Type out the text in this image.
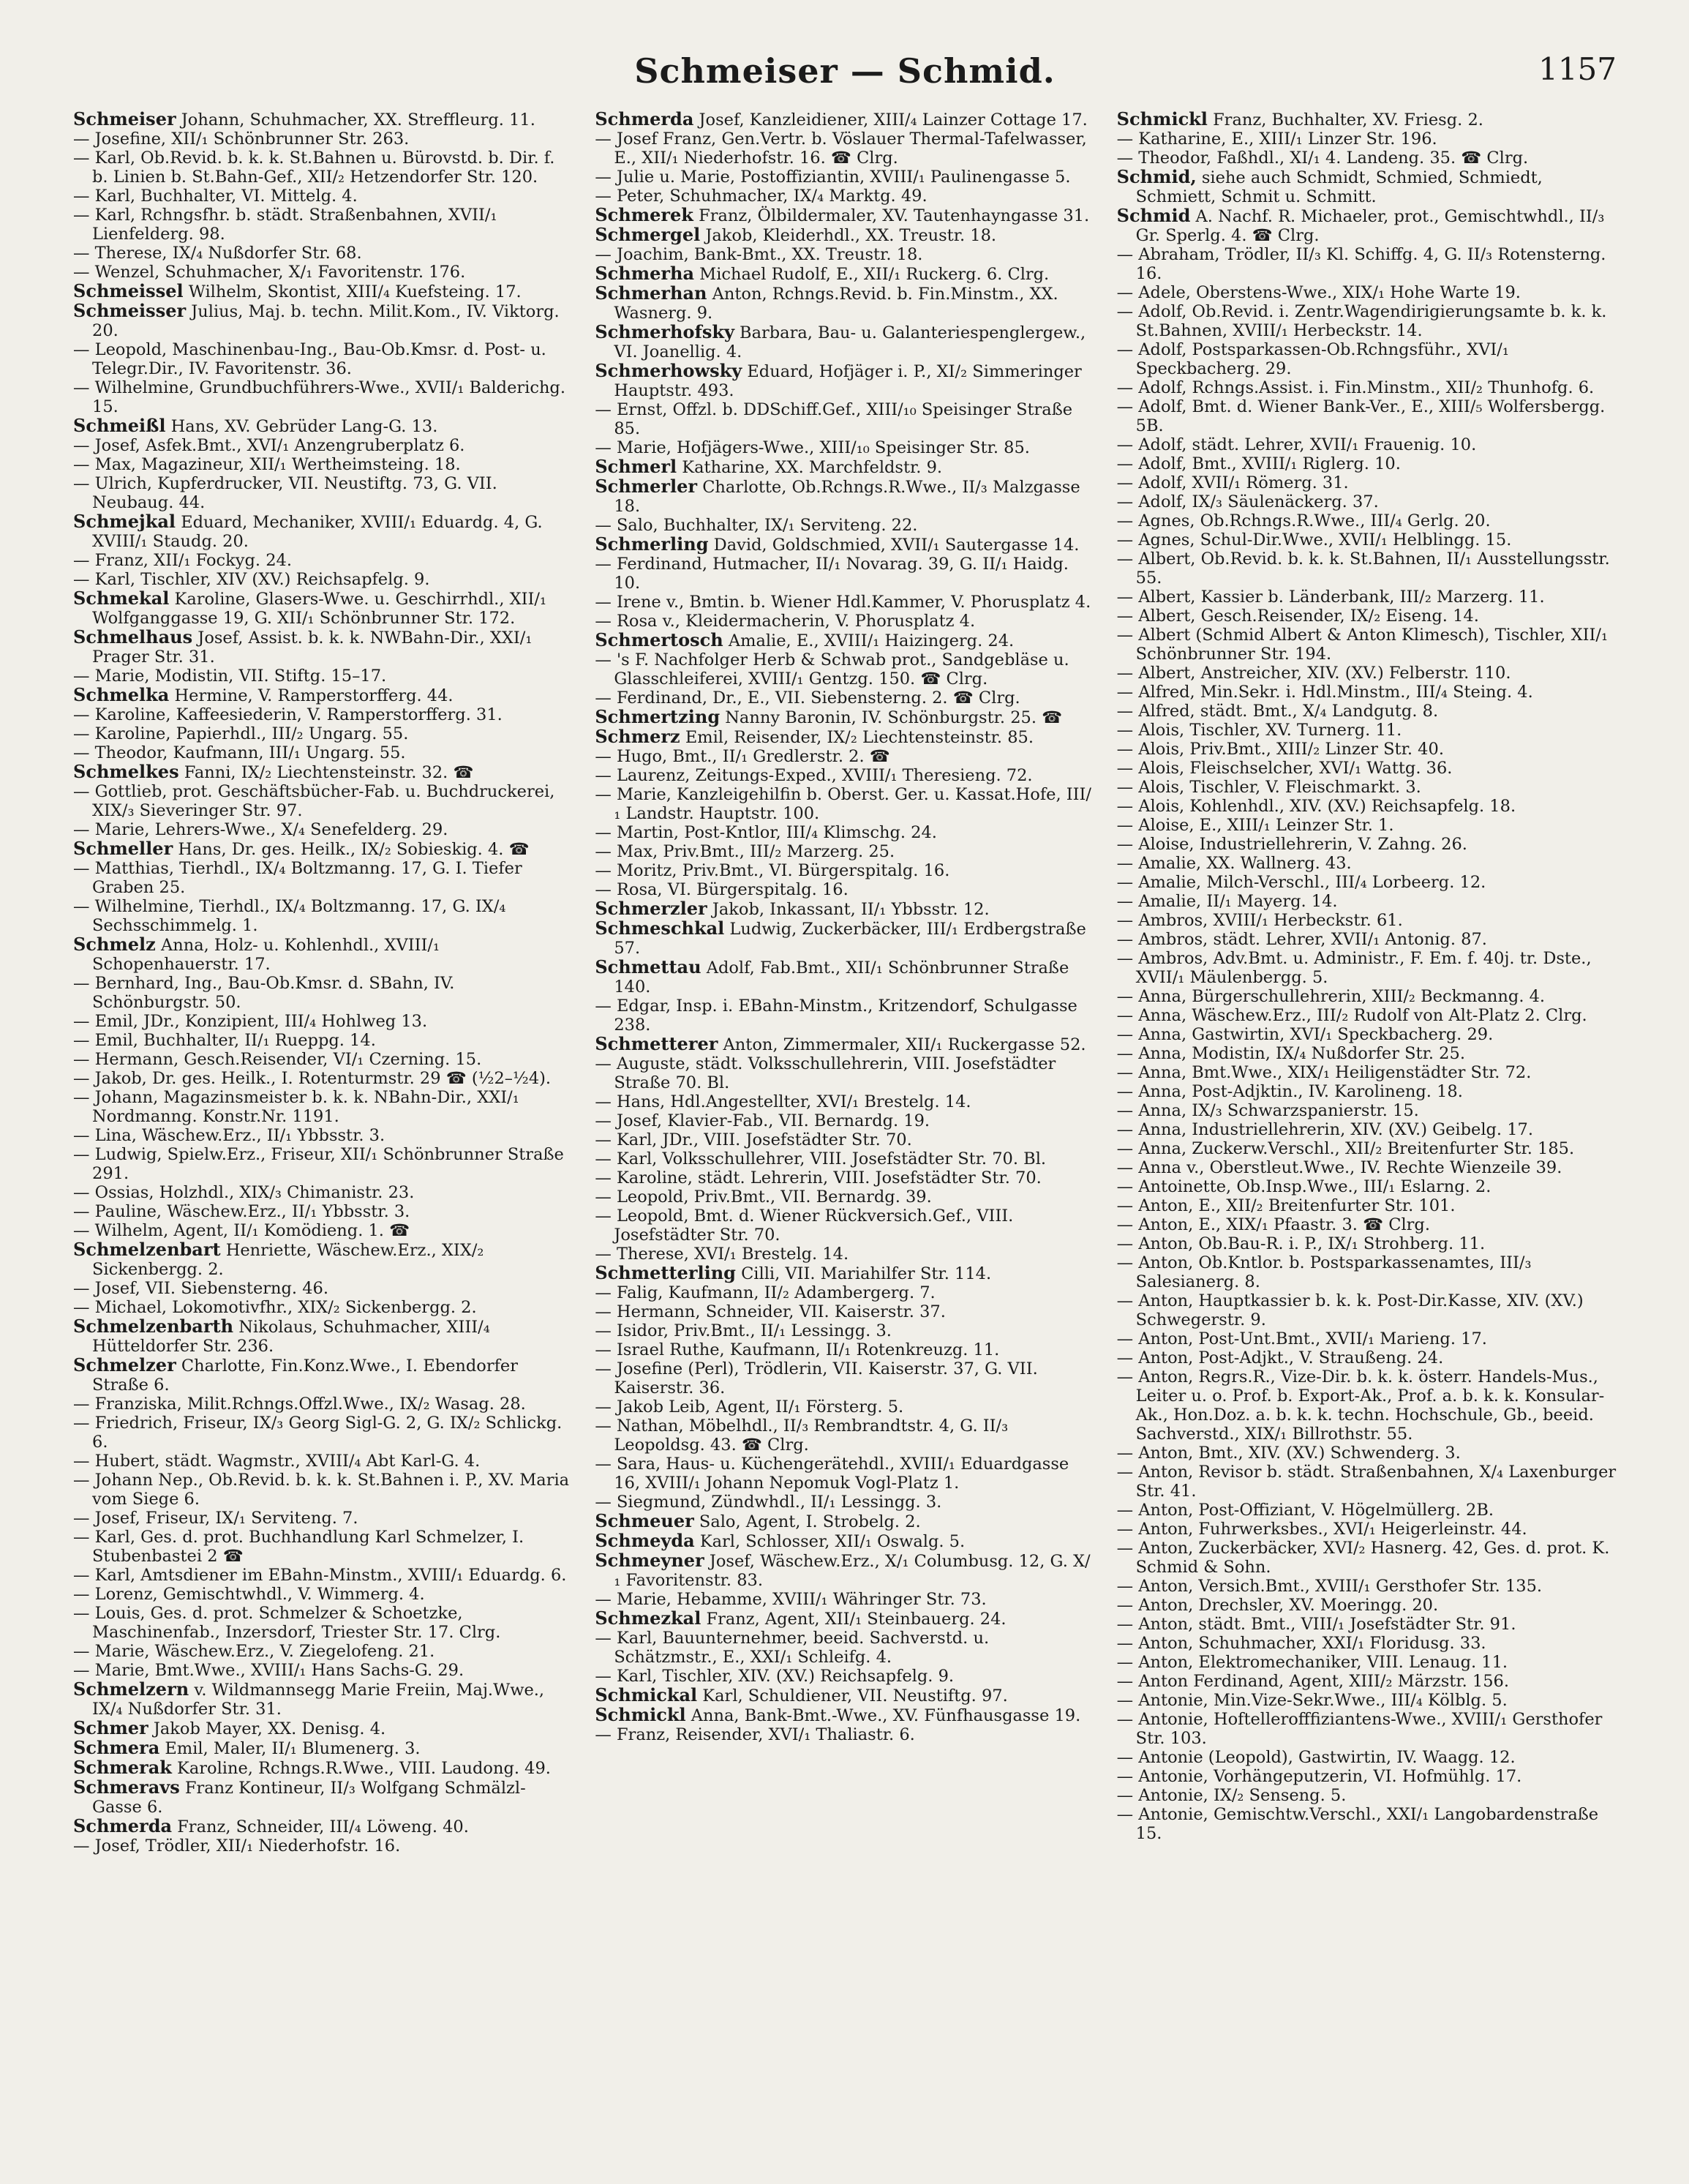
Schmeiser — Schmid.	1157

Schmeiser Johann, Schuhmacher, XX. Streffleurg. 11.

— Josefine, XII/₁ Schönbrunner Str. 263.

— Karl, Ob.Revid. b. k. k. St.Bahnen u. Bürovstd. b. Dir. f. b. Linien b. St.Bahn-Gef., XII/₂ Hetzendorfer Str. 120.

— Karl, Buchhalter, VI. Mittelg. 4.

— Karl, Rchngsfhr. b. städt. Straßenbahnen, XVII/₁ Lienfelderg. 98.

— Therese, IX/₄ Nußdorfer Str. 68.

— Wenzel, Schuhmacher, X/₁ Favoritenstr. 176.

Schmeissel Wilhelm, Skontist, XIII/₄ Kuefsteing. 17.

Schmeisser Julius, Maj. b. techn. Milit.Kom., IV. Viktorg. 20.

— Leopold, Maschinenbau-Ing., Bau-Ob.Kmsr. d. Post- u. Telegr.Dir., IV. Favoritenstr. 36.

— Wilhelmine, Grundbuchführers-Wwe., XVII/₁ Balderichg. 15.

Schmeißl Hans, XV. Gebrüder Lang-G. 13.

— Josef, Asfek.Bmt., XVI/₁ Anzengruberplatz 6.

— Max, Magazineur, XII/₁ Wertheimsteing. 18.

— Ulrich, Kupferdrucker, VII. Neustiftg. 73, G. VII. Neubaug. 44.

Schmejkal Eduard, Mechaniker, XVIII/₁ Eduardg. 4, G. XVIII/₁ Staudg. 20.

— Franz, XII/₁ Fockyg. 24.

— Karl, Tischler, XIV (XV.) Reichsapfelg. 9.

Schmekal Karoline, Glasers-Wwe. u. Geschirrhdl., XII/₁ Wolfganggasse 19, G. XII/₁ Schönbrunner Str. 172.

Schmelhaus Josef, Assist. b. k. k. NWBahn-Dir., XXI/₁ Prager Str. 31.

— Marie, Modistin, VII. Stiftg. 15–17.

Schmelka Hermine, V. Ramperstorfferg. 44.

— Karoline, Kaffeesiederin, V. Ramperstorfferg. 31.

— Karoline, Papierhdl., III/₂ Ungarg. 55.

— Theodor, Kaufmann, III/₁ Ungarg. 55.

Schmelkes Fanni, IX/₂ Liechtensteinstr. 32. ☎

— Gottlieb, prot. Geschäftsbücher-Fab. u. Buchdruckerei, XIX/₃ Sieveringer Str. 97.

— Marie, Lehrers-Wwe., X/₄ Senefelderg. 29.

Schmeller Hans, Dr. ges. Heilk., IX/₂ Sobieskig. 4. ☎

— Matthias, Tierhdl., IX/₄ Boltzmanng. 17, G. I. Tiefer Graben 25.

— Wilhelmine, Tierhdl., IX/₄ Boltzmanng. 17, G. IX/₄ Sechsschimmelg. 1.

Schmelz Anna, Holz- u. Kohlenhdl., XVIII/₁ Schopenhauerstr. 17.

— Bernhard, Ing., Bau-Ob.Kmsr. d. SBahn, IV. Schönburgstr. 50.

— Emil, JDr., Konzipient, III/₄ Hohlweg 13.

— Emil, Buchhalter, II/₁ Rueppg. 14.

— Hermann, Gesch.Reisender, VI/₁ Czerning. 15.

— Jakob, Dr. ges. Heilk., I. Rotenturmstr. 29 ☎ (½2–½4).

— Johann, Magazinsmeister b. k. k. NBahn-Dir., XXI/₁ Nordmanng. Konstr.Nr. 1191.

— Lina, Wäschew.Erz., II/₁ Ybbsstr. 3.

— Ludwig, Spielw.Erz., Friseur, XII/₁ Schönbrunner Straße 291.

— Ossias, Holzhdl., XIX/₃ Chimanistr. 23.

— Pauline, Wäschew.Erz., II/₁ Ybbsstr. 3.

— Wilhelm, Agent, II/₁ Komödieng. 1. ☎

Schmelzenbart Henriette, Wäschew.Erz., XIX/₂ Sickenbergg. 2.

— Josef, VII. Siebensterng. 46.

— Michael, Lokomotivfhr., XIX/₂ Sickenbergg. 2.

Schmelzenbarth Nikolaus, Schuhmacher, XIII/₄ Hütteldorfer Str. 236.

Schmelzer Charlotte, Fin.Konz.Wwe., I. Ebendorfer Straße 6.

— Franziska, Milit.Rchngs.Offzl.Wwe., IX/₂ Wasag. 28.

— Friedrich, Friseur, IX/₃ Georg Sigl-G. 2, G. IX/₂ Schlickg. 6.

— Hubert, städt. Wagmstr., XVIII/₄ Abt Karl-G. 4.

— Johann Nep., Ob.Revid. b. k. k. St.Bahnen i. P., XV. Maria vom Siege 6.

— Josef, Friseur, IX/₁ Serviteng. 7.

— Karl, Ges. d. prot. Buchhandlung Karl Schmelzer, I. Stubenbastei 2 ☎

— Karl, Amtsdiener im EBahn-Minstm., XVIII/₁ Eduardg. 6.

— Lorenz, Gemischtwhdl., V. Wimmerg. 4.

— Louis, Ges. d. prot. Schmelzer & Schoetzke, Maschinenfab., Inzersdorf, Triester Str. 17. Clrg.

— Marie, Wäschew.Erz., V. Ziegelofeng. 21.

— Marie, Bmt.Wwe., XVIII/₁ Hans Sachs-G. 29.

Schmelzern v. Wildmannsegg Marie Freiin, Maj.Wwe., IX/₄ Nußdorfer Str. 31.

Schmer Jakob Mayer, XX. Denisg. 4.

Schmera Emil, Maler, II/₁ Blumenerg. 3.

Schmerak Karoline, Rchngs.R.Wwe., VIII. Laudong. 49.

Schmeravs Franz Kontineur, II/₃ Wolfgang Schmälzl-Gasse 6.

Schmerda Franz, Schneider, III/₄ Löweng. 40.

— Josef, Trödler, XII/₁ Niederhofstr. 16.

Schmerda Josef, Kanzleidiener, XIII/₄ Lainzer Cottage 17.

— Josef Franz, Gen.Vertr. b. Vöslauer Thermal-Tafelwasser, E., XII/₁ Niederhofstr. 16. ☎ Clrg.

— Julie u. Marie, Postoffiziantin, XVIII/₁ Paulinengasse 5.

— Peter, Schuhmacher, IX/₄ Marktg. 49.

Schmerek Franz, Ölbildermaler, XV. Tautenhayngasse 31.

Schmergel Jakob, Kleiderhdl., XX. Treustr. 18.

— Joachim, Bank-Bmt., XX. Treustr. 18.

Schmerha Michael Rudolf, E., XII/₁ Ruckerg. 6. Clrg.

Schmerhan Anton, Rchngs.Revid. b. Fin.Minstm., XX. Wasnerg. 9.

Schmerhofsky Barbara, Bau- u. Galanteriespenglergew., VI. Joanellig. 4.

Schmerhowsky Eduard, Hofjäger i. P., XI/₂ Simmeringer Hauptstr. 493.

— Ernst, Offzl. b. DDSchiff.Gef., XIII/₁₀ Speisinger Straße 85.

— Marie, Hofjägers-Wwe., XIII/₁₀ Speisinger Str. 85.

Schmerl Katharine, XX. Marchfeldstr. 9.

Schmerler Charlotte, Ob.Rchngs.R.Wwe., II/₃ Malzgasse 18.

— Salo, Buchhalter, IX/₁ Serviteng. 22.

Schmerling David, Goldschmied, XVII/₁ Sautergasse 14.

— Ferdinand, Hutmacher, II/₁ Novarag. 39, G. II/₁ Haidg. 10.

— Irene v., Bmtin. b. Wiener Hdl.Kammer, V. Phorusplatz 4.

— Rosa v., Kleidermacherin, V. Phorusplatz 4.

Schmertosch Amalie, E., XVIII/₁ Haizingerg. 24.

— 's F. Nachfolger Herb & Schwab prot., Sandgebläse u. Glasschleiferei, XVIII/₁ Gentzg. 150. ☎ Clrg.

— Ferdinand, Dr., E., VII. Siebensterng. 2. ☎ Clrg.

Schmertzing Nanny Baronin, IV. Schönburgstr. 25. ☎

Schmerz Emil, Reisender, IX/₂ Liechtensteinstr. 85.

— Hugo, Bmt., II/₁ Gredlerstr. 2. ☎

— Laurenz, Zeitungs-Exped., XVIII/₁ Theresieng. 72.

— Marie, Kanzleigehilfin b. Oberst. Ger. u. Kassat.Hofe, III/₁ Landstr. Hauptstr. 100.

— Martin, Post-Kntlor, III/₄ Klimschg. 24.

— Max, Priv.Bmt., III/₂ Marzerg. 25.

— Moritz, Priv.Bmt., VI. Bürgerspitalg. 16.

— Rosa, VI. Bürgerspitalg. 16.

Schmerzler Jakob, Inkassant, II/₁ Ybbsstr. 12.

Schmeschkal Ludwig, Zuckerbäcker, III/₁ Erdbergstraße 57.

Schmettau Adolf, Fab.Bmt., XII/₁ Schönbrunner Straße 140.

— Edgar, Insp. i. EBahn-Minstm., Kritzendorf, Schulgasse 238.

Schmetterer Anton, Zimmermaler, XII/₁ Ruckergasse 52.

— Auguste, städt. Volksschullehrerin, VIII. Josefstädter Straße 70. Bl.

— Hans, Hdl.Angestellter, XVI/₁ Brestelg. 14.

— Josef, Klavier-Fab., VII. Bernardg. 19.

— Karl, JDr., VIII. Josefstädter Str. 70.

— Karl, Volksschullehrer, VIII. Josefstädter Str. 70. Bl.

— Karoline, städt. Lehrerin, VIII. Josefstädter Str. 70.

— Leopold, Priv.Bmt., VII. Bernardg. 39.

— Leopold, Bmt. d. Wiener Rückversich.Gef., VIII. Josefstädter Str. 70.

— Therese, XVI/₁ Brestelg. 14.

Schmetterling Cilli, VII. Mariahilfer Str. 114.

— Falig, Kaufmann, II/₂ Adambergerg. 7.

— Hermann, Schneider, VII. Kaiserstr. 37.

— Isidor, Priv.Bmt., II/₁ Lessingg. 3.

— Israel Ruthe, Kaufmann, II/₁ Rotenkreuzg. 11.

— Josefine (Perl), Trödlerin, VII. Kaiserstr. 37, G. VII. Kaiserstr. 36.

— Jakob Leib, Agent, II/₁ Försterg. 5.

— Nathan, Möbelhdl., II/₃ Rembrandtstr. 4, G. II/₃ Leopoldsg. 43. ☎ Clrg.

— Sara, Haus- u. Küchengerätehdl., XVIII/₁ Eduardgasse 16, XVIII/₁ Johann Nepomuk Vogl-Platz 1.

— Siegmund, Zündwhdl., II/₁ Lessingg. 3.

Schmeuer Salo, Agent, I. Strobelg. 2.

Schmeyda Karl, Schlosser, XII/₁ Oswalg. 5.

Schmeyner Josef, Wäschew.Erz., X/₁ Columbusg. 12, G. X/₁ Favoritenstr. 83.

— Marie, Hebamme, XVIII/₁ Währinger Str. 73.

Schmezkal Franz, Agent, XII/₁ Steinbauerg. 24.

— Karl, Bauunternehmer, beeid. Sachverstd. u. Schätzmstr., E., XXI/₁ Schleifg. 4.

— Karl, Tischler, XIV. (XV.) Reichsapfelg. 9.

Schmickal Karl, Schuldiener, VII. Neustiftg. 97.

Schmickl Anna, Bank-Bmt.-Wwe., XV. Fünfhausgasse 19.

— Franz, Reisender, XVI/₁ Thaliastr. 6.

Schmickl Franz, Buchhalter, XV. Friesg. 2.

— Katharine, E., XIII/₁ Linzer Str. 196.

— Theodor, Faßhdl., XI/₁ 4. Landeng. 35. ☎ Clrg.

Schmid, siehe auch Schmidt, Schmied, Schmiedt, Schmiett, Schmit u. Schmitt.

Schmid A. Nachf. R. Michaeler, prot., Gemischtwhdl., II/₃ Gr. Sperlg. 4. ☎ Clrg.

— Abraham, Trödler, II/₃ Kl. Schiffg. 4, G. II/₃ Rotensterng. 16.

— Adele, Oberstens-Wwe., XIX/₁ Hohe Warte 19.

— Adolf, Ob.Revid. i. Zentr.Wagendirigierungsamte b. k. k. St.Bahnen, XVIII/₁ Herbeckstr. 14.

— Adolf, Postsparkassen-Ob.Rchngsführ., XVI/₁ Speckbacherg. 29.

— Adolf, Rchngs.Assist. i. Fin.Minstm., XII/₂ Thunhofg. 6.

— Adolf, Bmt. d. Wiener Bank-Ver., E., XIII/₅ Wolfersbergg. 5B.

— Adolf, städt. Lehrer, XVII/₁ Frauenig. 10.

— Adolf, Bmt., XVIII/₁ Riglerg. 10.

— Adolf, XVII/₁ Römerg. 31.

— Adolf, IX/₃ Säulenäckerg. 37.

— Agnes, Ob.Rchngs.R.Wwe., III/₄ Gerlg. 20.

— Agnes, Schul-Dir.Wwe., XVII/₁ Helblingg. 15.

— Albert, Ob.Revid. b. k. k. St.Bahnen, II/₁ Ausstellungsstr. 55.

— Albert, Kassier b. Länderbank, III/₂ Marzerg. 11.

— Albert, Gesch.Reisender, IX/₂ Eiseng. 14.

— Albert (Schmid Albert & Anton Klimesch), Tischler, XII/₁ Schönbrunner Str. 194.

— Albert, Anstreicher, XIV. (XV.) Felberstr. 110.

— Alfred, Min.Sekr. i. Hdl.Minstm., III/₄ Steing. 4.

— Alfred, städt. Bmt., X/₄ Landgutg. 8.

— Alois, Tischler, XV. Turnerg. 11.

— Alois, Priv.Bmt., XIII/₂ Linzer Str. 40.

— Alois, Fleischselcher, XVI/₁ Wattg. 36.

— Alois, Tischler, V. Fleischmarkt. 3.

— Alois, Kohlenhdl., XIV. (XV.) Reichsapfelg. 18.

— Aloise, E., XIII/₁ Leinzer Str. 1.

— Aloise, Industriellehrerin, V. Zahng. 26.

— Amalie, XX. Wallnerg. 43.

— Amalie, Milch-Verschl., III/₄ Lorbeerg. 12.

— Amalie, II/₁ Mayerg. 14.

— Ambros, XVIII/₁ Herbeckstr. 61.

— Ambros, städt. Lehrer, XVII/₁ Antonig. 87.

— Ambros, Adv.Bmt. u. Administr., F. Em. f. 40j. tr. Dste., XVII/₁ Mäulenbergg. 5.

— Anna, Bürgerschullehrerin, XIII/₂ Beckmanng. 4.

— Anna, Wäschew.Erz., III/₂ Rudolf von Alt-Platz 2. Clrg.

— Anna, Gastwirtin, XVI/₁ Speckbacherg. 29.

— Anna, Modistin, IX/₄ Nußdorfer Str. 25.

— Anna, Bmt.Wwe., XIX/₁ Heiligenstädter Str. 72.

— Anna, Post-Adjktin., IV. Karolineng. 18.

— Anna, IX/₃ Schwarzspanierstr. 15.

— Anna, Industriellehrerin, XIV. (XV.) Geibelg. 17.

— Anna, Zuckerw.Verschl., XII/₂ Breitenfurter Str. 185.

— Anna v., Oberstleut.Wwe., IV. Rechte Wienzeile 39.

— Antoinette, Ob.Insp.Wwe., III/₁ Eslarng. 2.

— Anton, E., XII/₂ Breitenfurter Str. 101.

— Anton, E., XIX/₁ Pfaastr. 3. ☎ Clrg.

— Anton, Ob.Bau-R. i. P., IX/₁ Strohberg. 11.

— Anton, Ob.Kntlor. b. Postsparkassenamtes, III/₃ Salesianerg. 8.

— Anton, Hauptkassier b. k. k. Post-Dir.Kasse, XIV. (XV.) Schwegerstr. 9.

— Anton, Post-Unt.Bmt., XVII/₁ Marieng. 17.

— Anton, Post-Adjkt., V. Straußeng. 24.

— Anton, Regrs.R., Vize-Dir. b. k. k. österr. Handels-Mus., Leiter u. o. Prof. b. Export-Ak., Prof. a. b. k. k. Konsular-Ak., Hon.Doz. a. b. k. k. techn. Hochschule, Gb., beeid. Sachverstd., XIX/₁ Billrothstr. 55.

— Anton, Bmt., XIV. (XV.) Schwenderg. 3.

— Anton, Revisor b. städt. Straßenbahnen, X/₄ Laxenburger Str. 41.

— Anton, Post-Offiziant, V. Högelmüllerg. 2B.

— Anton, Fuhrwerksbes., XVI/₁ Heigerleinstr. 44.

— Anton, Zuckerbäcker, XVI/₂ Hasnerg. 42, Ges. d. prot. K. Schmid & Sohn.

— Anton, Versich.Bmt., XVIII/₁ Gersthofer Str. 135.

— Anton, Drechsler, XV. Moeringg. 20.

— Anton, städt. Bmt., VIII/₁ Josefstädter Str. 91.

— Anton, Schuhmacher, XXI/₁ Floridusg. 33.

— Anton, Elektromechaniker, VIII. Lenaug. 11.

— Anton Ferdinand, Agent, XIII/₂ Märzstr. 156.

— Antonie, Min.Vize-Sekr.Wwe., III/₄ Kölblg. 5.

— Antonie, Hoftellerofffiziantens-Wwe., XVIII/₁ Gersthofer Str. 103.

— Antonie (Leopold), Gastwirtin, IV. Waagg. 12.

— Antonie, Vorhängeputzerin, VI. Hofmühlg. 17.

— Antonie, IX/₂ Senseng. 5.

— Antonie, Gemischtw.Verschl., XXI/₁ Langobardenstraße 15.
